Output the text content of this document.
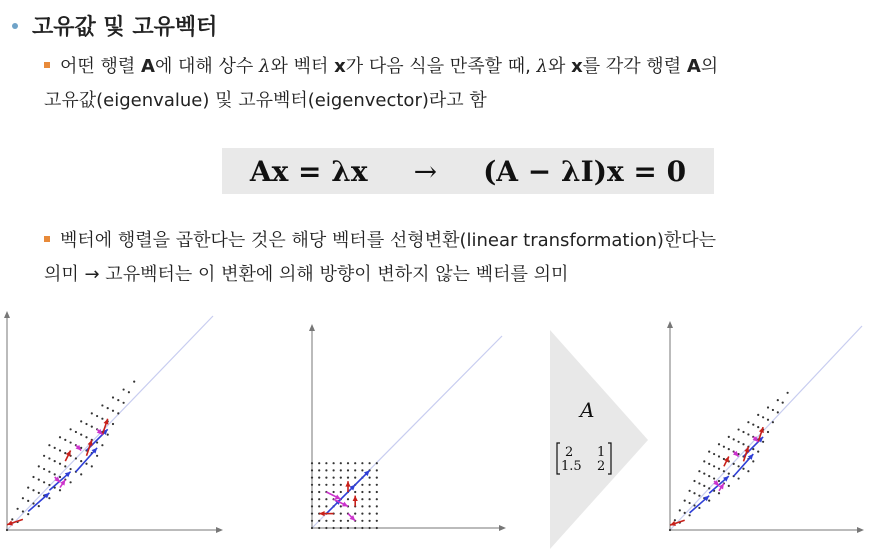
고유값 및 고유벡터
어떤 행렬 A에 대해 상수 λ와 벡터 x가 다음 식을 만족할 때, λ와 x를 각각 행렬 A의
고유값(eigenvalue) 및 고유벡터(eigenvector)라고 함
Ax = λx → (A − λI)x = 0
벡터에 행렬을 곱한다는 것은 해당 벡터를 선형변환(linear transformation)한다는
의미 → 고유벡터는 이 변환에 의해 방향이 변하지 않는 벡터를 의미
A
2 1
1.5 2
